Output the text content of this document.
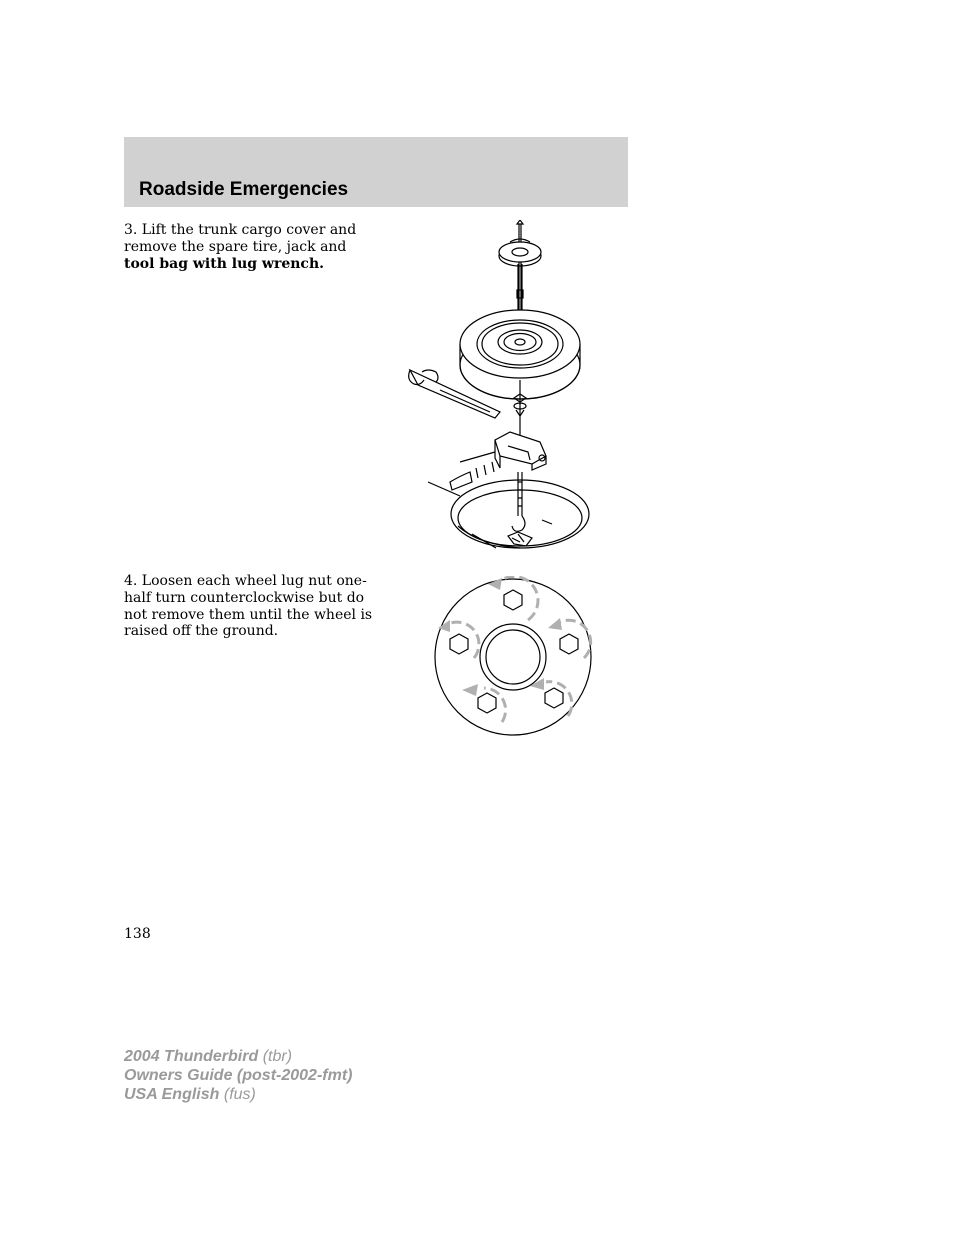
Roadside Emergencies

3. Lift the trunk cargo cover and remove the spare tire, jack and tool bag with lug wrench.

4. Loosen each wheel lug nut one-half turn counterclockwise but do not remove them until the wheel is raised off the ground.

138
2004 Thunderbird (tbr)
Owners Guide (post-2002-fmt)
USA English (fus)
